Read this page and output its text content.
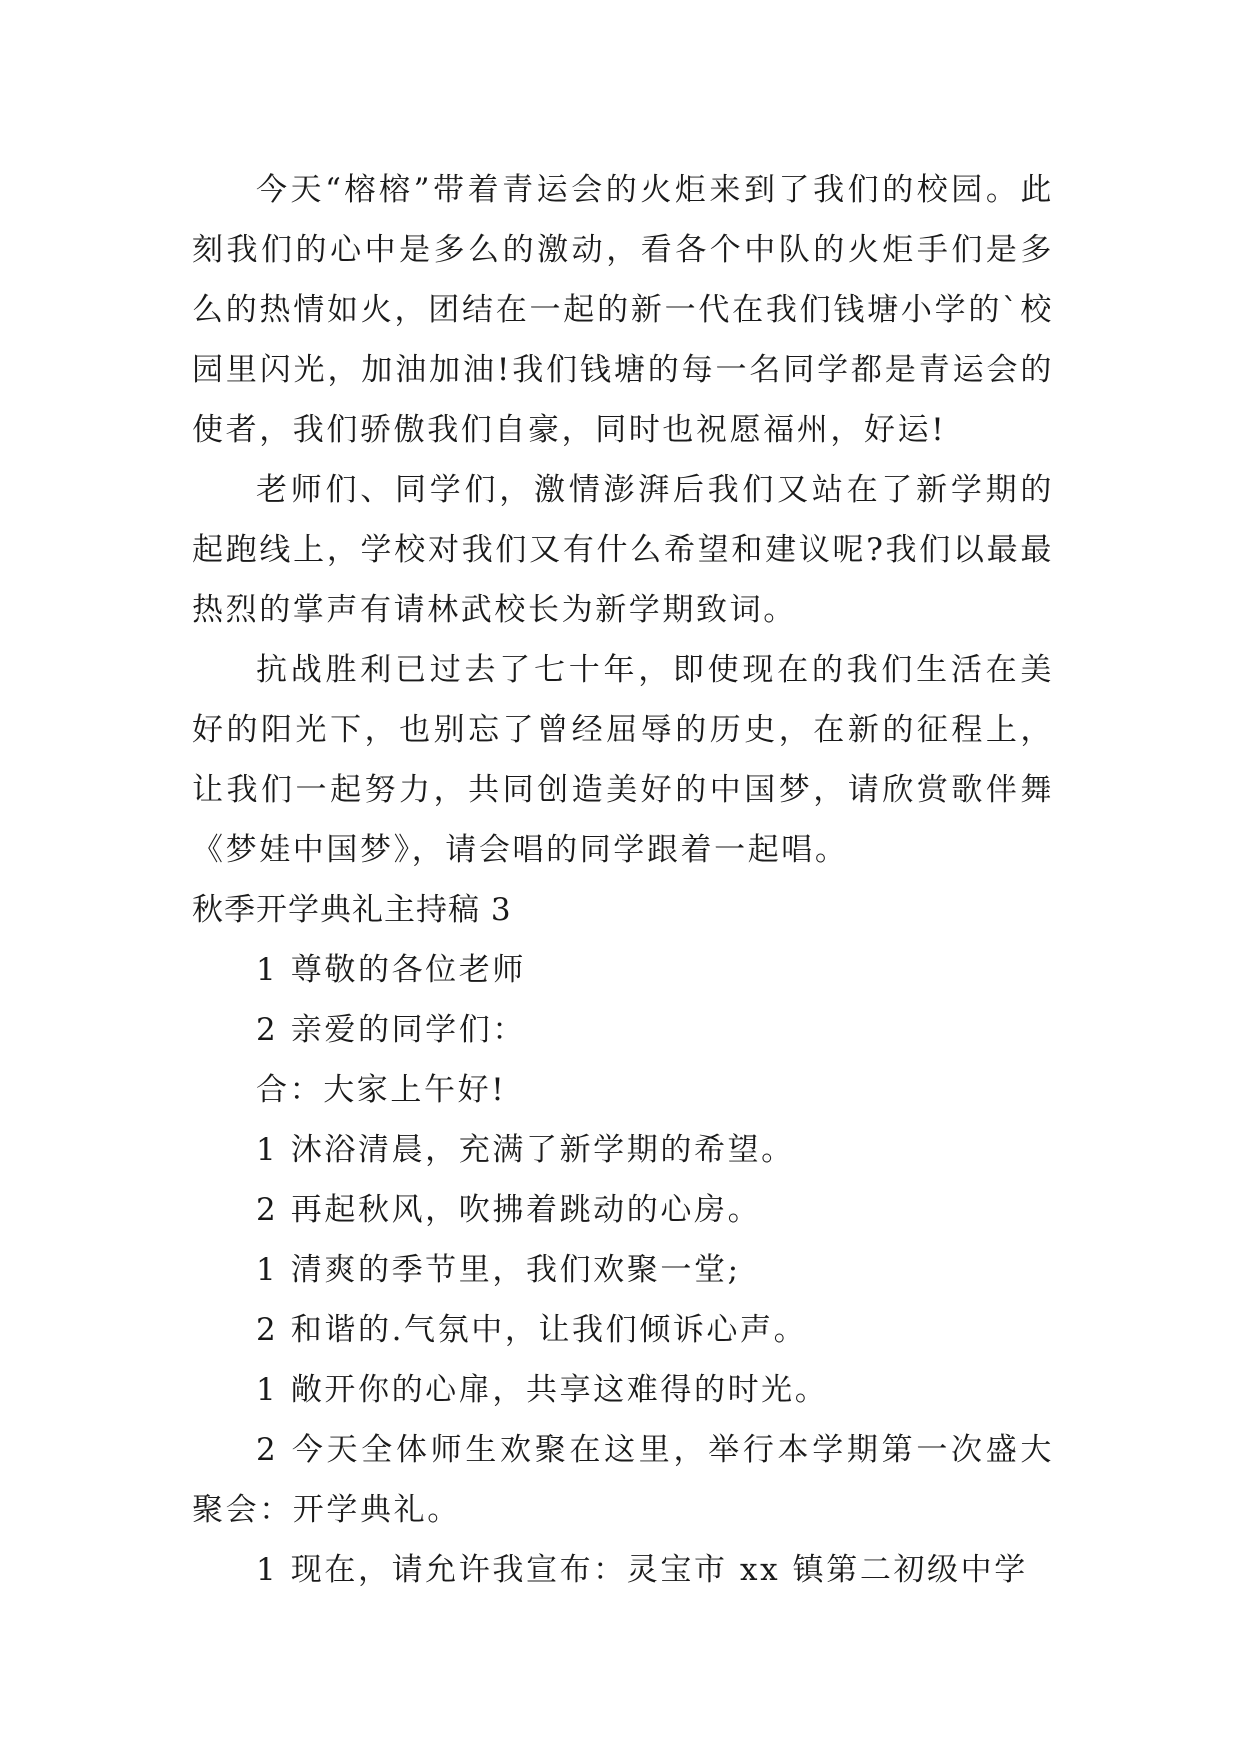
今天“榕榕”带着青运会的火炬来到了我们的校园。此刻我们的心中是多么的激动，看各个中队的火炬手们是多么的热情如火，团结在一起的新一代在我们钱塘小学的`校园里闪光，加油加油!我们钱塘的每一名同学都是青运会的使者，我们骄傲我们自豪，同时也祝愿福州，好运!

老师们、同学们，激情澎湃后我们又站在了新学期的起跑线上，学校对我们又有什么希望和建议呢?我们以最最热烈的掌声有请林武校长为新学期致词。

抗战胜利已过去了七十年，即使现在的我们生活在美好的阳光下，也别忘了曾经屈辱的历史，在新的征程上，让我们一起努力，共同创造美好的中国梦，请欣赏歌伴舞《梦娃中国梦》，请会唱的同学跟着一起唱。

秋季开学典礼主持稿 3

1 尊敬的各位老师

2 亲爱的同学们：

合：大家上午好!

1 沐浴清晨，充满了新学期的希望。

2 再起秋风，吹拂着跳动的心房。

1 清爽的季节里，我们欢聚一堂;

2 和谐的.气氛中，让我们倾诉心声。

1 敞开你的心扉，共享这难得的时光。

2 今天全体师生欢聚在这里，举行本学期第一次盛大聚会：开学典礼。

1 现在，请允许我宣布：灵宝市 xx 镇第二初级中学
